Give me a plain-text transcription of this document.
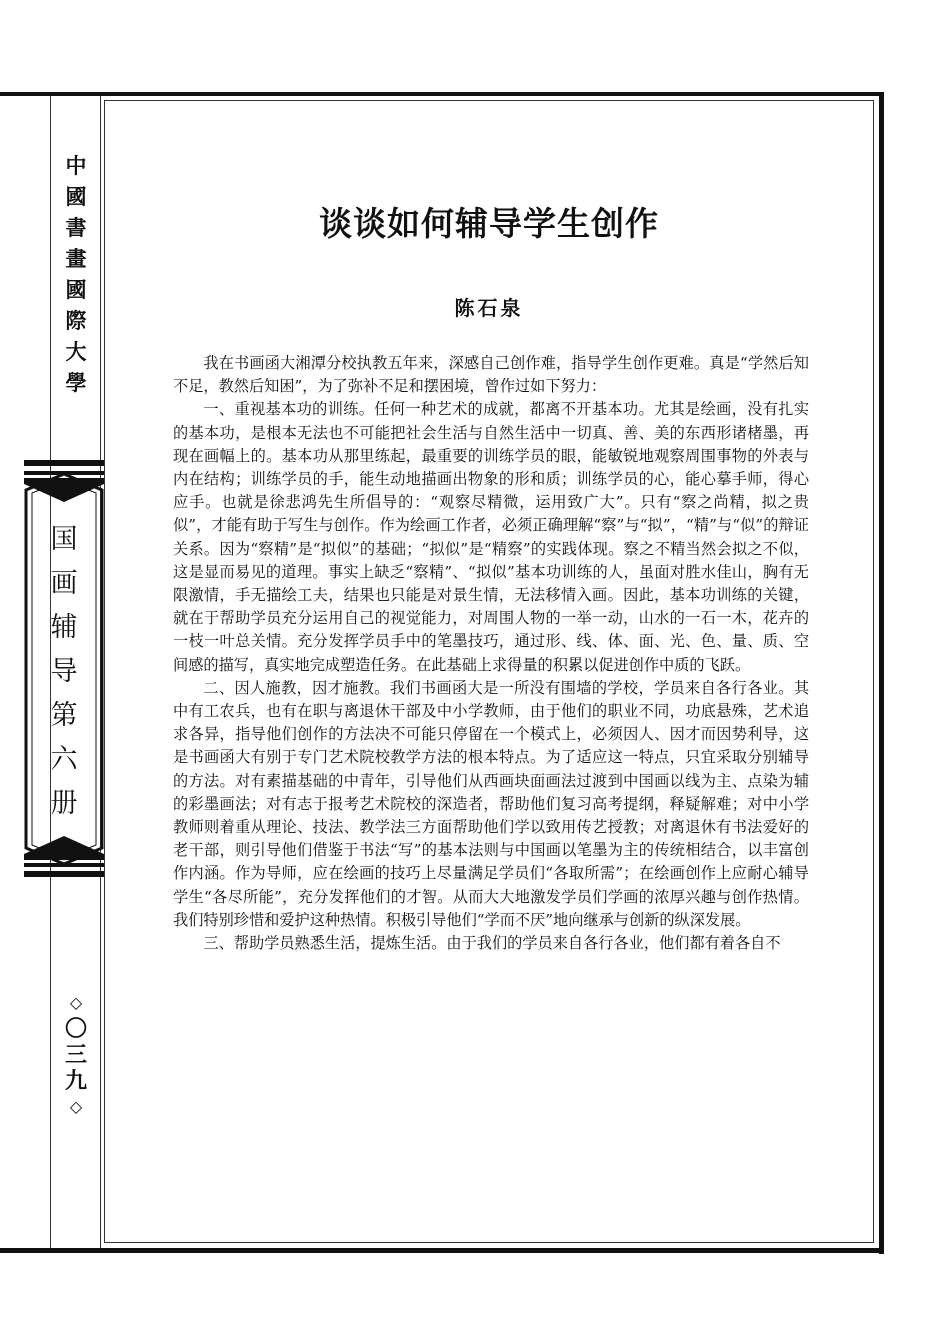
中
國
書
畫
國
際
大
學
国
画
辅
导
第
六
册
◇
〇
三
九
◇
谈谈如何辅导学生创作
陈石泉

我在书画函大湘潭分校执教五年来，深感自己创作难，指导学生创作更难。真是“学然后知不足，教然后知困”，为了弥补不足和摆困境，曾作过如下努力：

一、重视基本功的训练。任何一种艺术的成就，都离不开基本功。尤其是绘画，没有扎实的基本功，是根本无法也不可能把社会生活与自然生活中一切真、善、美的东西形诸楮墨，再现在画幅上的。基本功从那里练起，最重要的训练学员的眼，能敏锐地观察周围事物的外表与内在结构；训练学员的手，能生动地描画出物象的形和质；训练学员的心，能心摹手师，得心应手。也就是徐悲鸿先生所倡导的：“观察尽精微，运用致广大”。只有“察之尚精，拟之贵似”，才能有助于写生与创作。作为绘画工作者，必须正确理解“察”与“拟”，“精”与“似”的辩证关系。因为“察精”是“拟似”的基础；“拟似”是“精察”的实践体现。察之不精当然会拟之不似，这是显而易见的道理。事实上缺乏“察精”、“拟似”基本功训练的人，虽面对胜水佳山，胸有无限激情，手无描绘工夫，结果也只能是对景生情，无法移情入画。因此，基本功训练的关键，就在于帮助学员充分运用自己的视觉能力，对周围人物的一举一动，山水的一石一木，花卉的一枝一叶总关情。充分发挥学员手中的笔墨技巧，通过形、线、体、面、光、色、量、质、空间感的描写，真实地完成塑造任务。在此基础上求得量的积累以促进创作中质的飞跃。

二、因人施教，因才施教。我们书画函大是一所没有围墙的学校，学员来自各行各业。其中有工农兵，也有在职与离退休干部及中小学教师，由于他们的职业不同，功底悬殊，艺术追求各异，指导他们创作的方法决不可能只停留在一个模式上，必须因人、因才而因势利导，这是书画函大有别于专门艺术院校教学方法的根本特点。为了适应这一特点，只宜采取分别辅导的方法。对有素描基础的中青年，引导他们从西画块面画法过渡到中国画以线为主、点染为辅的彩墨画法；对有志于报考艺术院校的深造者，帮助他们复习高考提纲，释疑解难；对中小学教师则着重从理论、技法、教学法三方面帮助他们学以致用传艺授教；对离退休有书法爱好的老干部，则引导他们借鉴于书法“写”的基本法则与中国画以笔墨为主的传统相结合，以丰富创作内涵。作为导师，应在绘画的技巧上尽量满足学员们“各取所需”；在绘画创作上应耐心辅导学生“各尽所能”，充分发挥他们的才智。从而大大地激发学员们学画的浓厚兴趣与创作热情。我们特别珍惜和爱护这种热情。积极引导他们“学而不厌”地向继承与创新的纵深发展。

三、帮助学员熟悉生活，提炼生活。由于我们的学员来自各行各业，他们都有着各自不
